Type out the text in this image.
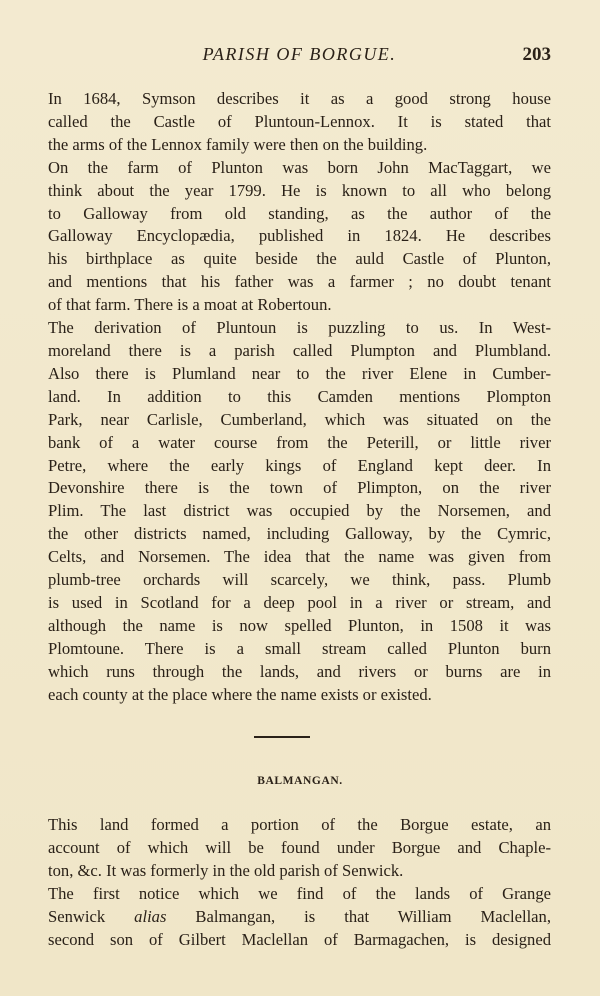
PARISH OF BORGUE.	203
In 1684, Symson describes it as a good strong house
called the Castle of Pluntoun-Lennox. It is stated that
the arms of the Lennox family were then on the building.
On the farm of Plunton was born John MacTaggart, we
think about the year 1799. He is known to all who belong
to Galloway from old standing, as the author of the
Galloway Encyclopædia, published in 1824. He describes
his birthplace as quite beside the auld Castle of Plunton,
and mentions that his father was a farmer ; no doubt tenant
of that farm. There is a moat at Robertoun.
The derivation of Pluntoun is puzzling to us. In West-
moreland there is a parish called Plumpton and Plumbland.
Also there is Plumland near to the river Elene in Cumber-
land. In addition to this Camden mentions Plompton
Park, near Carlisle, Cumberland, which was situated on the
bank of a water course from the Peterill, or little river
Petre, where the early kings of England kept deer. In
Devonshire there is the town of Plimpton, on the river
Plim. The last district was occupied by the Norsemen, and
the other districts named, including Galloway, by the Cymric,
Celts, and Norsemen. The idea that the name was given from
plumb-tree orchards will scarcely, we think, pass. Plumb
is used in Scotland for a deep pool in a river or stream, and
although the name is now spelled Plunton, in 1508 it was
Plomtoune. There is a small stream called Plunton burn
which runs through the lands, and rivers or burns are in
each county at the place where the name exists or existed.
BALMANGAN.
This land formed a portion of the Borgue estate, an
account of which will be found under Borgue and Chaple-
ton, &c. It was formerly in the old parish of Senwick.
The first notice which we find of the lands of Grange
Senwick alias Balmangan, is that William Maclellan,
second son of Gilbert Maclellan of Barmagachen, is designed
